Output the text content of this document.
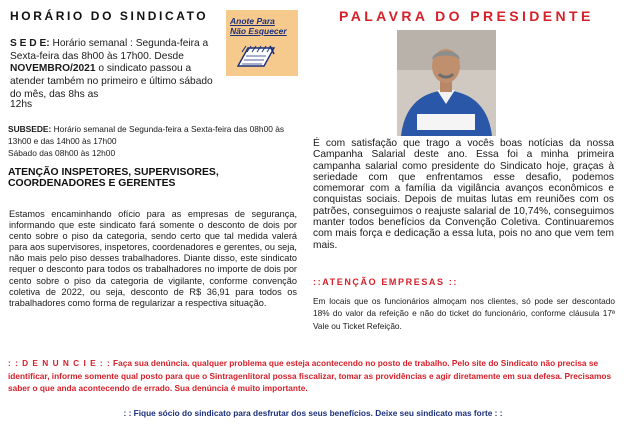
HORÁRIO DO SINDICATO	PALAVRA DO PRESIDENTE
Anote Para
Não Esquecer
S E D E: Horário semanal : Segunda-feira a Sexta-feira das 8h00 às 17h00. Desde NOVEMBRO/2021 o sindicato passou a atender também no primeiro e último sábado do mês, das 8hs as
12hs
SUBSEDE: Horário semanal de Segunda-feira a Sexta-feira das 08h00 às 13h00 e das 14h00 às 17h00
Sábado das 08h00 às 12h00
ATENÇÃO INSPETORES, SUPERVISORES, COORDENADORES E GERENTES
Estamos encaminhando ofício para as empresas de segurança, informando que este sindicato fará somente o desconto de dois por cento sobre o piso da categoria, sendo certo que tal medida valerá para aos supervisores, inspetores, coordenadores e gerentes, ou seja, não mais pelo piso desses trabalhadores. Diante disso, este sindicato requer o desconto para todos os trabalhadores no importe de dois por cento sobre o piso da categoria de vigilante, conforme convenção coletiva de 2022, ou seja, desconto de R$ 36,91 para todos os trabalhadores como forma de regularizar a respectiva situação.
É com satisfação que trago a vocês boas notícias da nossa Campanha Salarial deste ano. Essa foi a minha primeira campanha salarial como presidente do Sindicato hoje, graças à seriedade com que enfrentamos esse desafio, podemos comemorar com a família da vigilância avanços econômicos e conquistas sociais. Depois de muitas lutas em reuniões com os patrões, conseguimos o reajuste salarial de 10,74%, conseguimos manter todos benefícios da Convenção Coletiva. Continuaremos com mais força e dedicação a essa luta, pois no ano que vem tem mais.
::ATENÇÃO EMPRESAS ::
Em locais que os funcionários almoçam nos clientes, só pode ser descontado 18% do valor da refeição e não do ticket do funcionário, conforme cláusula 17ª Vale ou Ticket Refeição.
: : D E N U N C I E : : Faça sua denúncia. qualquer problema que esteja acontecendo no posto de trabalho. Pelo site do Sindicato não precisa se identificar, informe somente qual posto para que o Sintragenlitoral possa fiscalizar, tomar as providências e agir diretamente em sua defesa. Precisamos saber o que anda acontecendo de errado. Sua denúncia é muito importante.
: : Fique sócio do sindicato para desfrutar dos seus benefícios. Deixe seu sindicato mas forte : :
